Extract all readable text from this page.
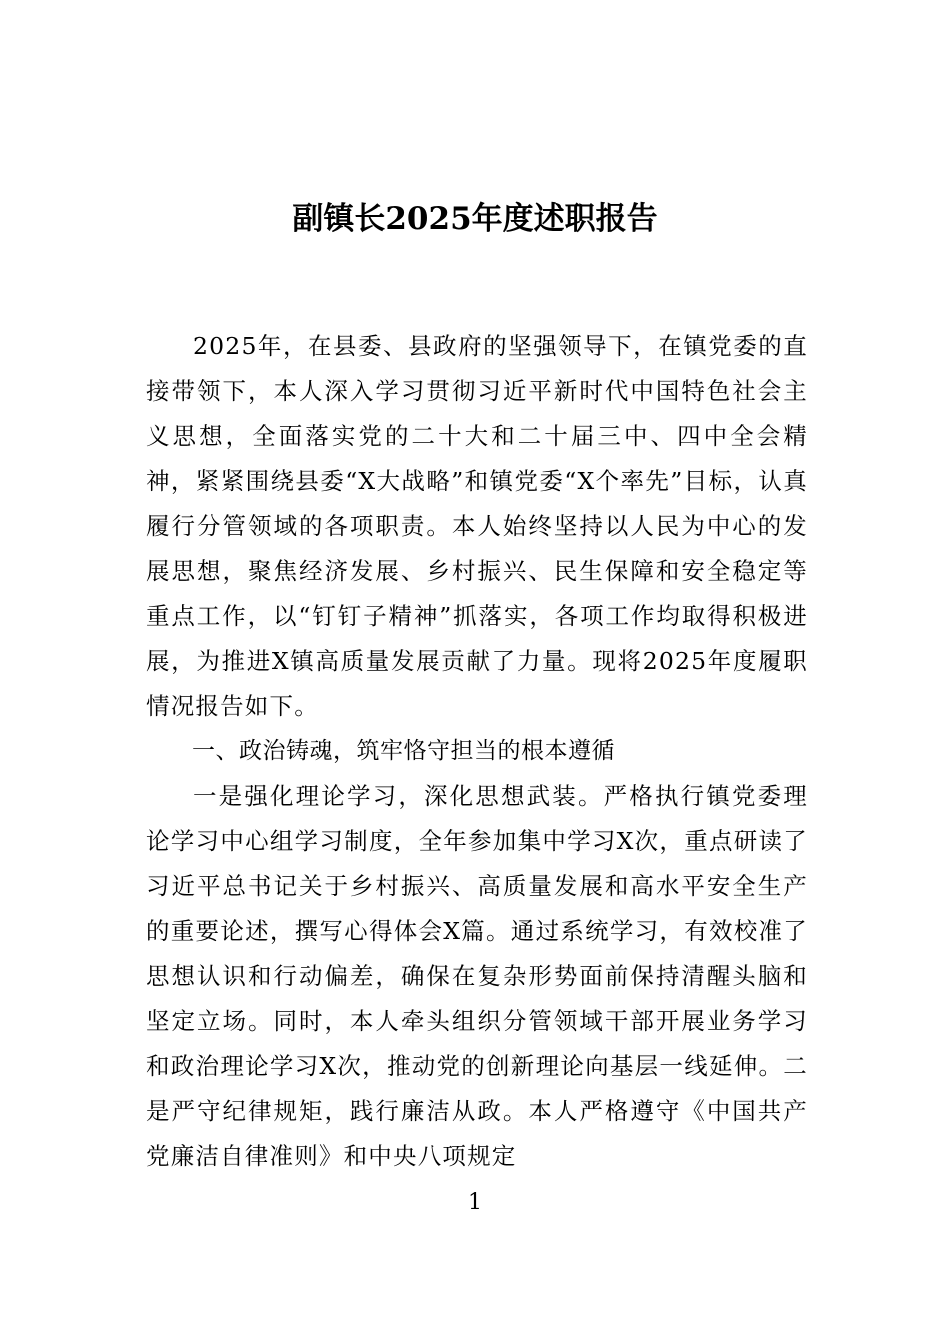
副镇长2025年度述职报告

2025年，在县委、县政府的坚强领导下，在镇党委的直接带领下，本人深入学习贯彻习近平新时代中国特色社会主义思想，全面落实党的二十大和二十届三中、四中全会精神，紧紧围绕县委“X大战略”和镇党委“X个率先”目标，认真履行分管领域的各项职责。本人始终坚持以人民为中心的发展思想，聚焦经济发展、乡村振兴、民生保障和安全稳定等重点工作，以“钉钉子精神”抓落实，各项工作均取得积极进展，为推进X镇高质量发展贡献了力量。现将2025年度履职情况报告如下。

一、政治铸魂，筑牢恪守担当的根本遵循

一是强化理论学习，深化思想武装。严格执行镇党委理论学习中心组学习制度，全年参加集中学习X次，重点研读了习近平总书记关于乡村振兴、高质量发展和高水平安全生产的重要论述，撰写心得体会X篇。通过系统学习，有效校准了思想认识和行动偏差，确保在复杂形势面前保持清醒头脑和坚定立场。同时，本人牵头组织分管领域干部开展业务学习和政治理论学习X次，推动党的创新理论向基层一线延伸。二是严守纪律规矩，践行廉洁从政。本人严格遵守《中国共产党廉洁自律准则》和中央八项规定

1
